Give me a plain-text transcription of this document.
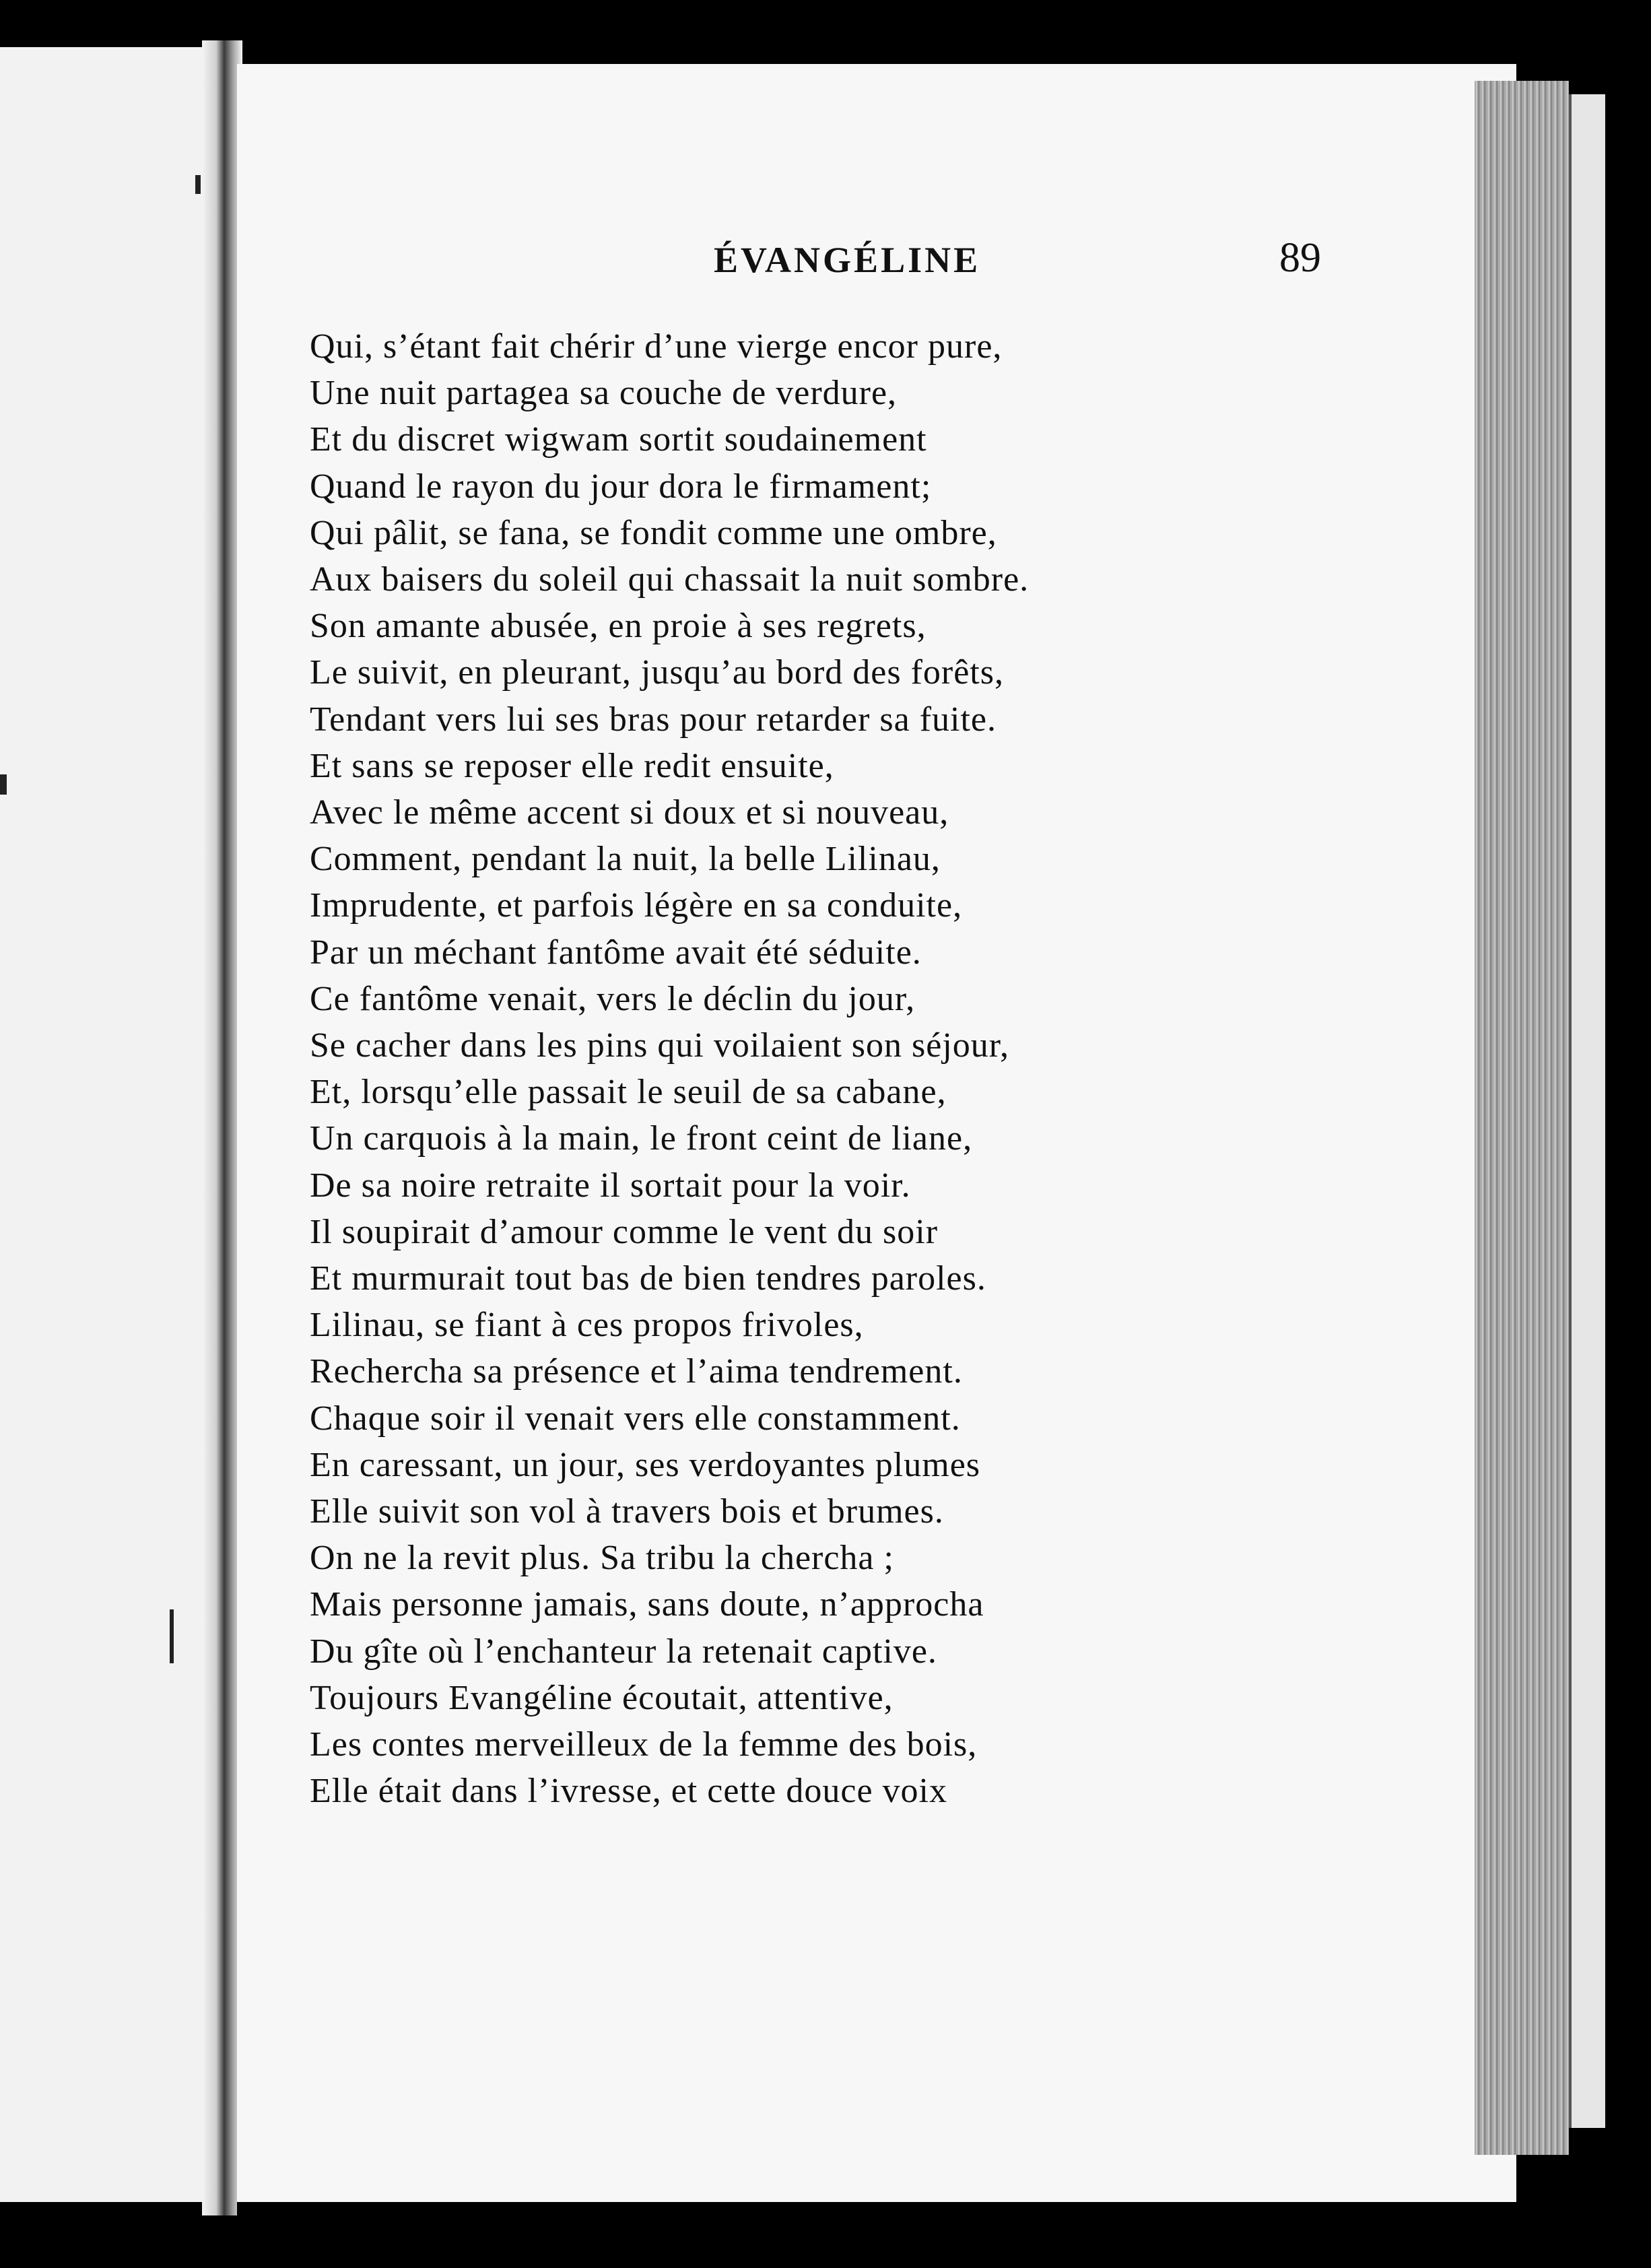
ÉVANGÉLINE	89
Qui, s’étant fait chérir d’une vierge encor pure,
Une nuit partagea sa couche de verdure,
Et du discret wigwam sortit soudainement
Quand le rayon du jour dora le firmament;
Qui pâlit, se fana, se fondit comme une ombre,
Aux baisers du soleil qui chassait la nuit sombre.
Son amante abusée, en proie à ses regrets,
Le suivit, en pleurant, jusqu’au bord des forêts,
Tendant vers lui ses bras pour retarder sa fuite.
Et sans se reposer elle redit ensuite,
Avec le même accent si doux et si nouveau,
Comment, pendant la nuit, la belle Lilinau,
Imprudente, et parfois légère en sa conduite,
Par un méchant fantôme avait été séduite.
Ce fantôme venait, vers le déclin du jour,
Se cacher dans les pins qui voilaient son séjour,
Et, lorsqu’elle passait le seuil de sa cabane,
Un carquois à la main, le front ceint de liane,
De sa noire retraite il sortait pour la voir.
Il soupirait d’amour comme le vent du soir
Et murmurait tout bas de bien tendres paroles.
Lilinau, se fiant à ces propos frivoles,
Rechercha sa présence et l’aima tendrement.
Chaque soir il venait vers elle constamment.
En caressant, un jour, ses verdoyantes plumes
Elle suivit son vol à travers bois et brumes.
On ne la revit plus. Sa tribu la chercha ;
Mais personne jamais, sans doute, n’approcha
Du gîte où l’enchanteur la retenait captive.
Toujours Evangéline écoutait, attentive,
Les contes merveilleux de la femme des bois,
Elle était dans l’ivresse, et cette douce voix
